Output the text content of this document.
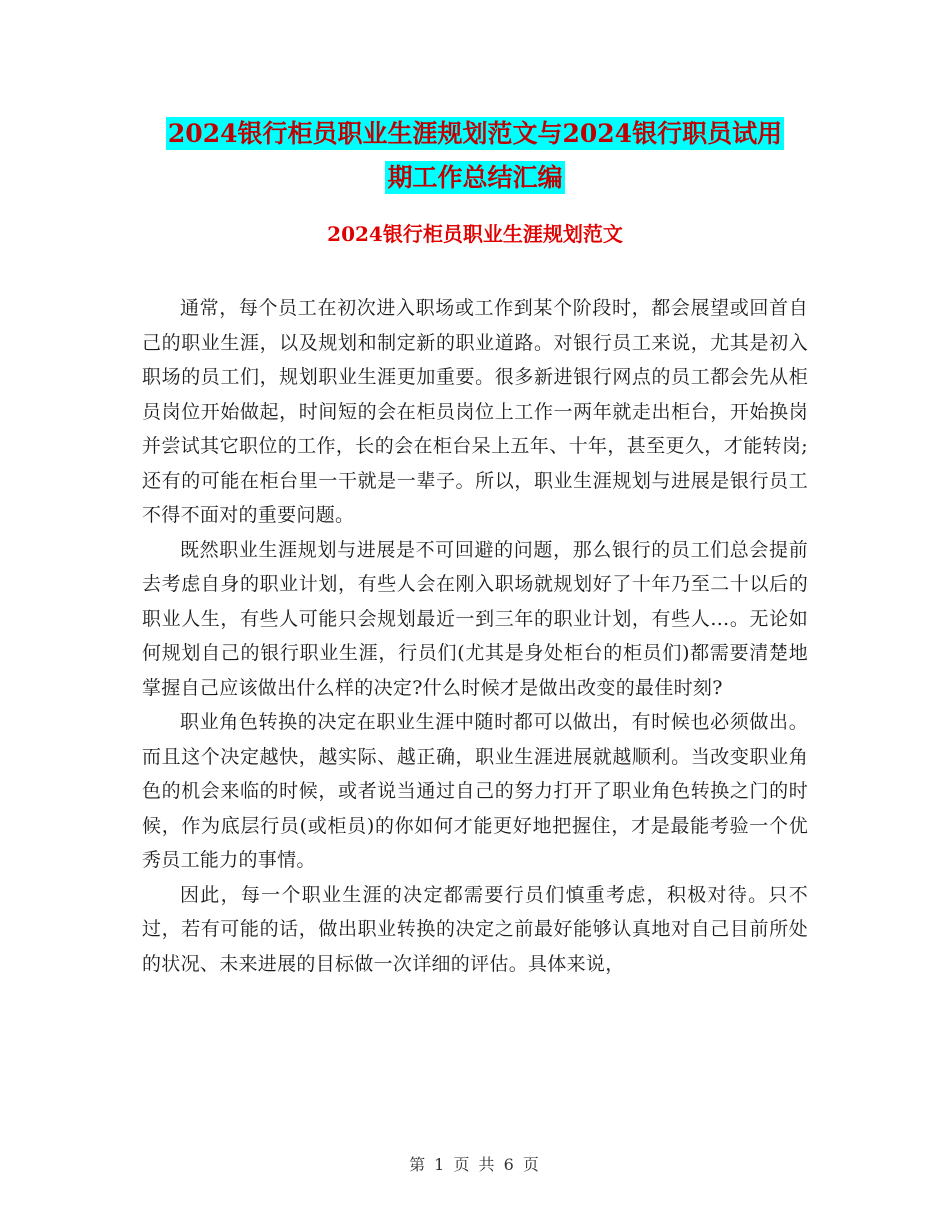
2024银行柜员职业生涯规划范文与2024银行职员试用
期工作总结汇编
2024银行柜员职业生涯规划范文

通常，每个员工在初次进入职场或工作到某个阶段时，都会展望或回首自己的职业生涯，以及规划和制定新的职业道路。对银行员工来说，尤其是初入职场的员工们，规划职业生涯更加重要。很多新进银行网点的员工都会先从柜员岗位开始做起，时间短的会在柜员岗位上工作一两年就走出柜台，开始换岗并尝试其它职位的工作，长的会在柜台呆上五年、十年，甚至更久，才能转岗;还有的可能在柜台里一干就是一辈子。所以，职业生涯规划与进展是银行员工不得不面对的重要问题。

既然职业生涯规划与进展是不可回避的问题，那么银行的员工们总会提前去考虑自身的职业计划，有些人会在刚入职场就规划好了十年乃至二十以后的职业人生，有些人可能只会规划最近一到三年的职业计划，有些人…。无论如何规划自己的银行职业生涯，行员们(尤其是身处柜台的柜员们)都需要清楚地掌握自己应该做出什么样的决定?什么时候才是做出改变的最佳时刻?

职业角色转换的决定在职业生涯中随时都可以做出，有时候也必须做出。而且这个决定越快，越实际、越正确，职业生涯进展就越顺利。当改变职业角色的机会来临的时候，或者说当通过自己的努力打开了职业角色转换之门的时候，作为底层行员(或柜员)的你如何才能更好地把握住，才是最能考验一个优秀员工能力的事情。

因此，每一个职业生涯的决定都需要行员们慎重考虑，积极对待。只不过，若有可能的话，做出职业转换的决定之前最好能够认真地对自己目前所处的状况、未来进展的目标做一次详细的评估。具体来说，

第 1 页 共 6 页
